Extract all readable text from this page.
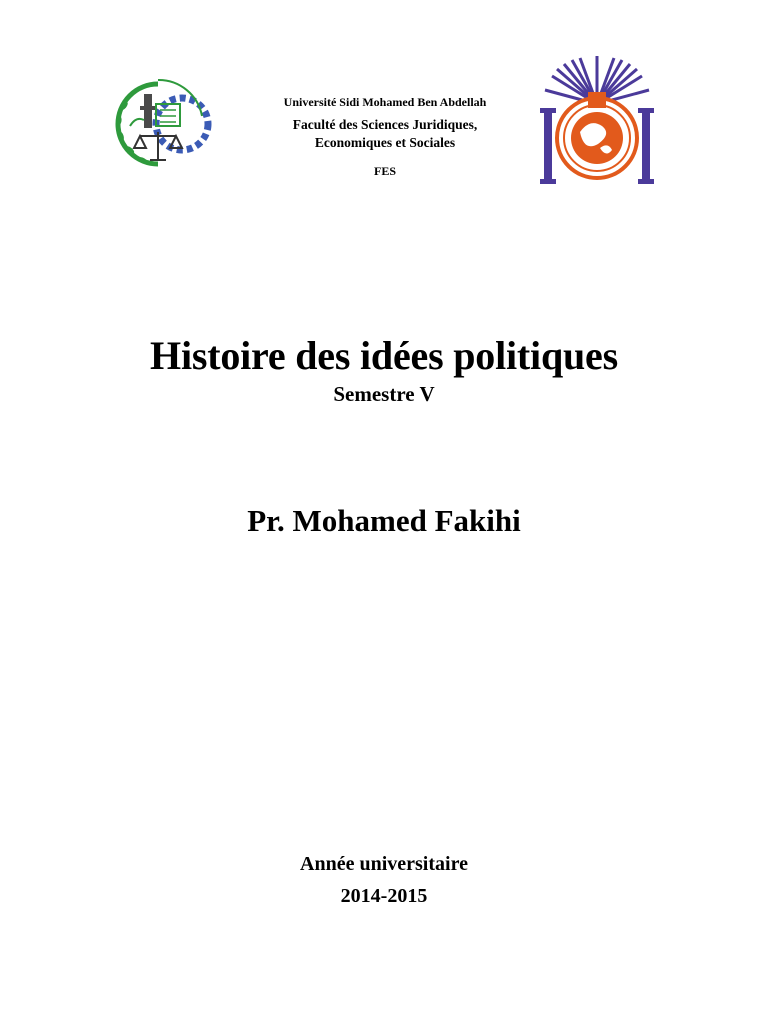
Université Sidi Mohamed Ben Abdellah
Faculté des Sciences Juridiques,
Economiques et Sociales
FES
Histoire des idées politiques
Semestre V
Pr. Mohamed Fakihi
Année universitaire
2014-2015
